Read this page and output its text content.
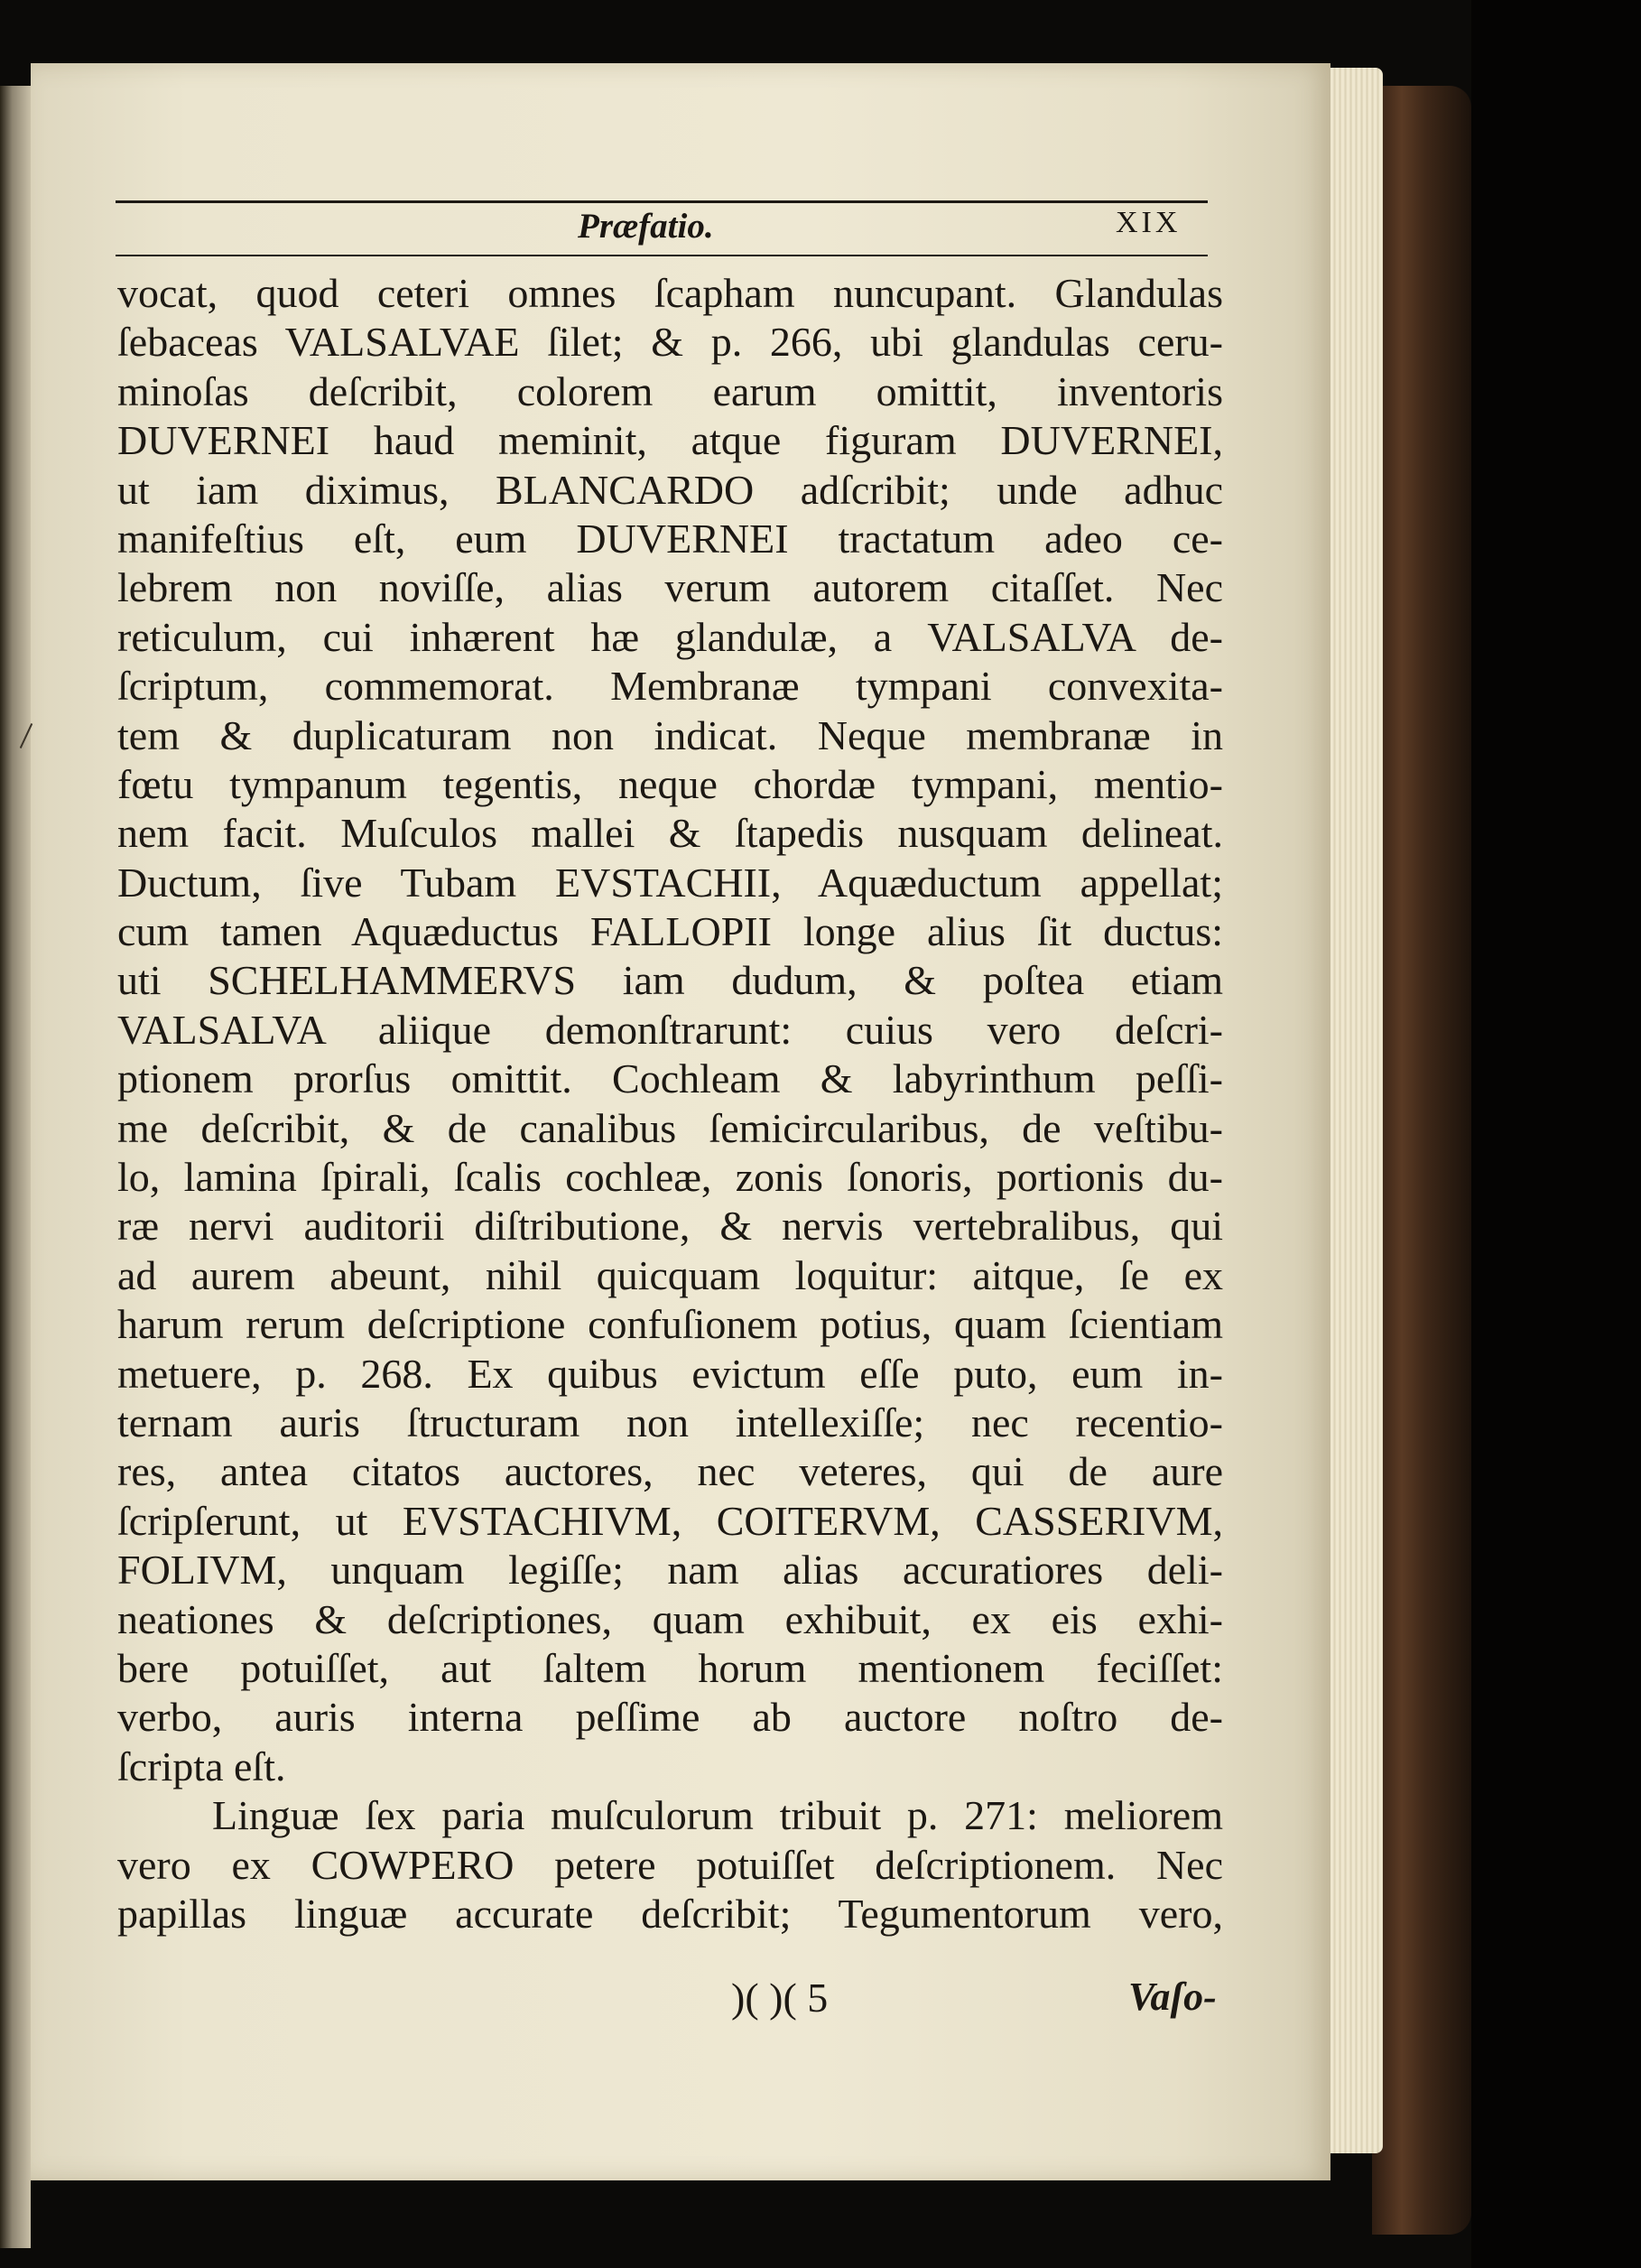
Præfatio.	XIX
vocat, quod ceteri omnes ſcapham nuncupant. Glandulas
ſebaceas VALSALVAE ſilet; & p. 266, ubi glandulas ceru-
minoſas deſcribit, colorem earum omittit, inventoris
DUVERNEI haud meminit, atque figuram DUVERNEI,
ut iam diximus, BLANCARDO adſcribit; unde adhuc
manifeſtius eſt, eum DUVERNEI tractatum adeo ce-
lebrem non noviſſe, alias verum autorem citaſſet. Nec
reticulum, cui inhærent hæ glandulæ, a VALSALVA de-
ſcriptum, commemorat. Membranæ tympani convexita-
tem & duplicaturam non indicat. Neque membranæ in
fœtu tympanum tegentis, neque chordæ tympani, mentio-
nem facit. Muſculos mallei & ſtapedis nusquam delineat.
Ductum, ſive Tubam EVSTACHII, Aquæductum appellat;
cum tamen Aquæductus FALLOPII longe alius ſit ductus:
uti SCHELHAMMERVS iam dudum, & poſtea etiam
VALSALVA aliique demonſtrarunt: cuius vero deſcri-
ptionem prorſus omittit. Cochleam & labyrinthum peſſi-
me deſcribit, & de canalibus ſemicircularibus, de veſtibu-
lo, lamina ſpirali, ſcalis cochleæ, zonis ſonoris, portionis du-
ræ nervi auditorii diſtributione, & nervis vertebralibus, qui
ad aurem abeunt, nihil quicquam loquitur: aitque, ſe ex
harum rerum deſcriptione confuſionem potius, quam ſcientiam
metuere, p. 268. Ex quibus evictum eſſe puto, eum in-
ternam auris ſtructuram non intellexiſſe; nec recentio-
res, antea citatos auctores, nec veteres, qui de aure
ſcripſerunt, ut EVSTACHIVM, COITERVM, CASSERIVM,
FOLIVM, unquam legiſſe; nam alias accuratiores deli-
neationes & deſcriptiones, quam exhibuit, ex eis exhi-
bere potuiſſet, aut ſaltem horum mentionem feciſſet:
verbo, auris interna peſſime ab auctore noſtro de-
ſcripta eſt.
Linguæ ſex paria muſculorum tribuit p. 271: meliorem
vero ex COWPERO petere potuiſſet deſcriptionem. Nec
papillas linguæ accurate deſcribit; Tegumentorum vero,
)( )( 5	Vaſo-
